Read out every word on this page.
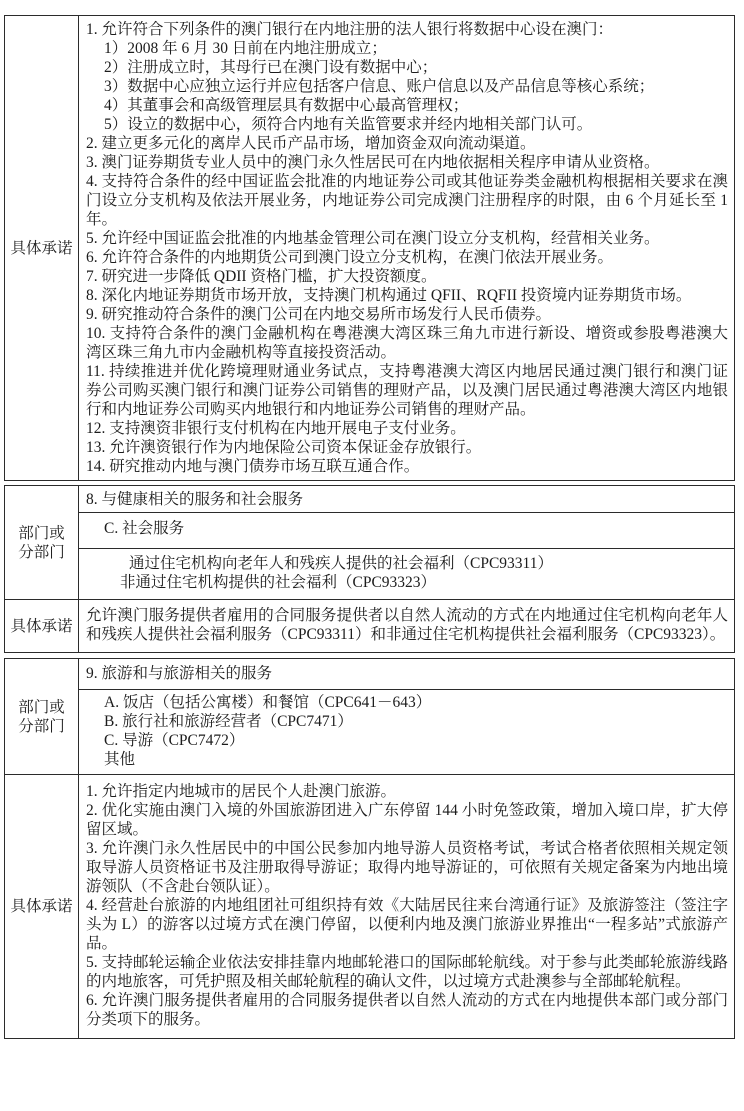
具体承诺

1. 允许符合下列条件的澳门银行在内地注册的法人银行将数据中心设在澳门：
1）2008 年 6 月 30 日前在内地注册成立；
2）注册成立时，其母行已在澳门设有数据中心；
3）数据中心应独立运行并应包括客户信息、账户信息以及产品信息等核心系统；
4）其董事会和高级管理层具有数据中心最高管理权；
5）设立的数据中心，须符合内地有关监管要求并经内地相关部门认可。
2. 建立更多元化的离岸人民币产品市场，增加资金双向流动渠道。
3. 澳门证券期货专业人员中的澳门永久性居民可在内地依据相关程序申请从业资格。
4. 支持符合条件的经中国证监会批准的内地证券公司或其他证券类金融机构根据相关要求在澳门设立分支机构及依法开展业务，内地证券公司完成澳门注册程序的时限，由 6 个月延长至 1 年。
5. 允许经中国证监会批准的内地基金管理公司在澳门设立分支机构，经营相关业务。
6. 允许符合条件的内地期货公司到澳门设立分支机构，在澳门依法开展业务。
7. 研究进一步降低 QDII 资格门槛，扩大投资额度。
8. 深化内地证券期货市场开放，支持澳门机构通过 QFII、RQFII 投资境内证券期货市场。
9. 研究推动符合条件的澳门公司在内地交易所市场发行人民币债券。
10. 支持符合条件的澳门金融机构在粤港澳大湾区珠三角九市进行新设、增资或参股粤港澳大湾区珠三角九市内金融机构等直接投资活动。
11. 持续推进并优化跨境理财通业务试点，支持粤港澳大湾区内地居民通过澳门银行和澳门证券公司购买澳门银行和澳门证券公司销售的理财产品，以及澳门居民通过粤港澳大湾区内地银行和内地证券公司购买内地银行和内地证券公司销售的理财产品。
12. 支持澳资非银行支付机构在内地开展电子支付业务。
13. 允许澳资银行作为内地保险公司资本保证金存放银行。
14. 研究推动内地与澳门债券市场互联互通合作。
部门或
分部门	8. 与健康相关的服务和社会服务

	C. 社会服务

	通过住宅机构向老年人和残疾人提供的社会福利（CPC93311）
非通过住宅机构提供的社会福利（CPC93323）

具体承诺	允许澳门服务提供者雇用的合同服务提供者以自然人流动的方式在内地通过住宅机构向老年人和残疾人提供社会福利服务（CPC93311）和非通过住宅机构提供社会福利服务（CPC93323）。
部门或
分部门	9. 旅游和与旅游相关的服务

	A. 饭店（包括公寓楼）和餐馆（CPC641－643）
B. 旅行社和旅游经营者（CPC7471）
C. 导游（CPC7472）
其他

具体承诺

1. 允许指定内地城市的居民个人赴澳门旅游。
2. 优化实施由澳门入境的外国旅游团进入广东停留 144 小时免签政策，增加入境口岸，扩大停留区域。
3. 允许澳门永久性居民中的中国公民参加内地导游人员资格考试，考试合格者依照相关规定领取导游人员资格证书及注册取得导游证；取得内地导游证的，可依照有关规定备案为内地出境游领队（不含赴台领队证）。
4. 经营赴台旅游的内地组团社可组织持有效《大陆居民往来台湾通行证》及旅游签注（签注字头为 L）的游客以过境方式在澳门停留，以便利内地及澳门旅游业界推出“一程多站”式旅游产品。
5. 支持邮轮运输企业依法安排挂靠内地邮轮港口的国际邮轮航线。对于参与此类邮轮旅游线路的内地旅客，可凭护照及相关邮轮航程的确认文件，以过境方式赴澳参与全部邮轮航程。
6. 允许澳门服务提供者雇用的合同服务提供者以自然人流动的方式在内地提供本部门或分部门分类项下的服务。
